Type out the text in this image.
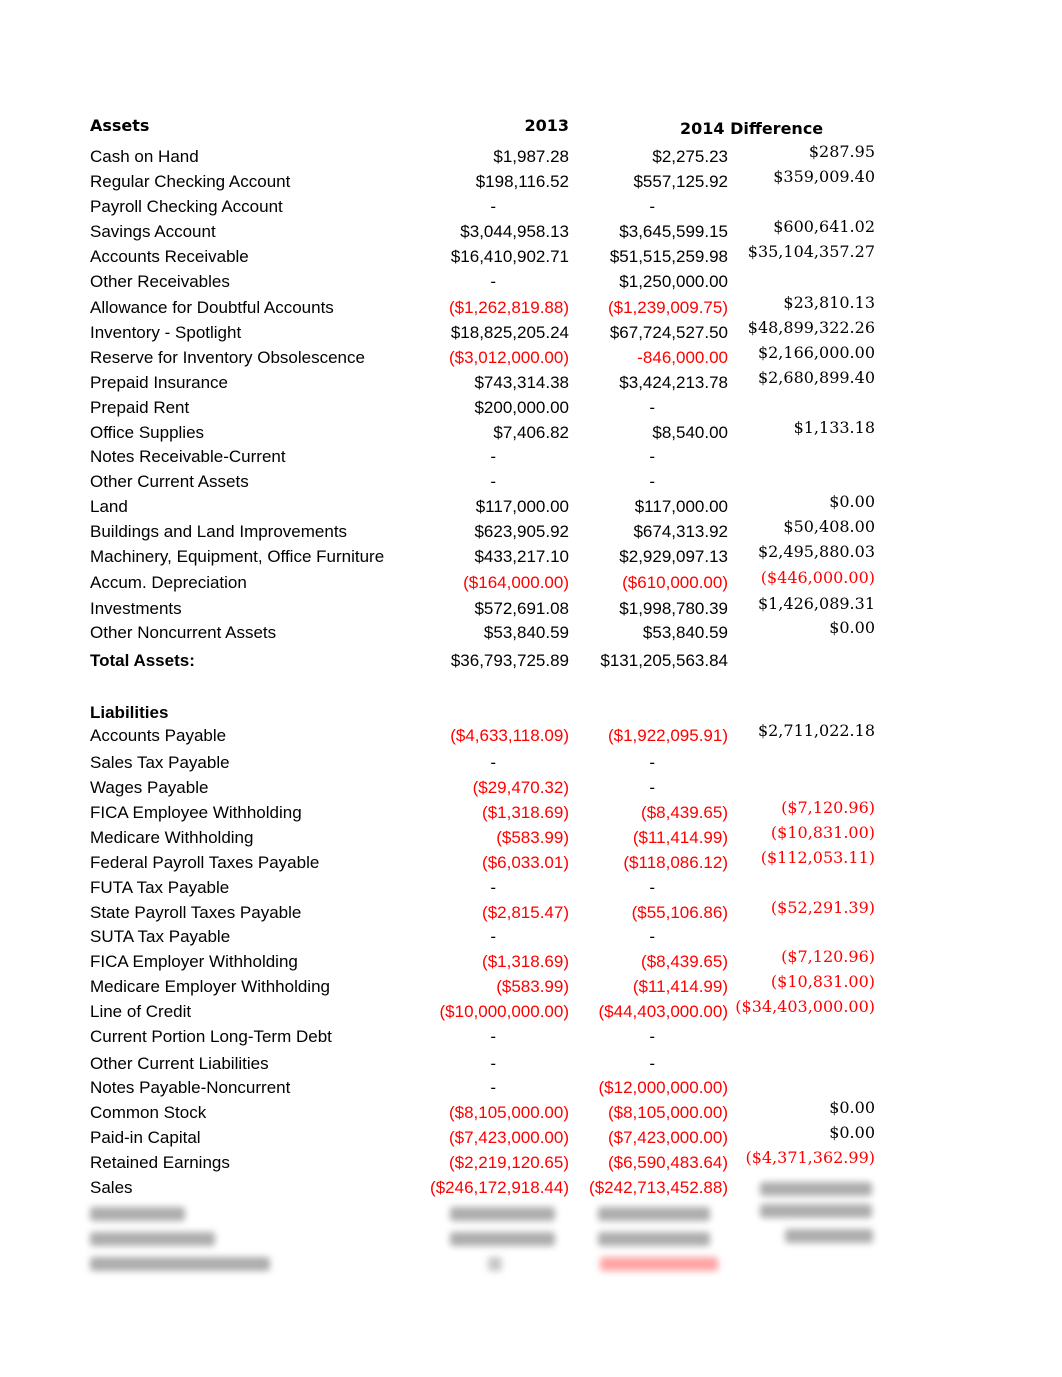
Assets	2013	2014 Difference
Cash on Hand	$1,987.28	$2,275.23	$287.95
Regular Checking Account	$198,116.52	$557,125.92	$359,009.40
Payroll Checking Account	-	-
Savings Account	$3,044,958.13	$3,645,599.15	$600,641.02
Accounts Receivable	$16,410,902.71	$51,515,259.98	$35,104,357.27
Other Receivables	-	$1,250,000.00
Allowance for Doubtful Accounts	($1,262,819.88)	($1,239,009.75)	$23,810.13
Inventory - Spotlight	$18,825,205.24	$67,724,527.50	$48,899,322.26
Reserve for Inventory Obsolescence	($3,012,000.00)	-846,000.00	$2,166,000.00
Prepaid Insurance	$743,314.38	$3,424,213.78	$2,680,899.40
Prepaid Rent	$200,000.00	-
Office Supplies	$7,406.82	$8,540.00	$1,133.18
Notes Receivable-Current	-	-
Other Current Assets	-	-
Land	$117,000.00	$117,000.00	$0.00
Buildings and Land Improvements	$623,905.92	$674,313.92	$50,408.00
Machinery, Equipment, Office Furniture	$433,217.10	$2,929,097.13	$2,495,880.03
Accum. Depreciation	($164,000.00)	($610,000.00)	($446,000.00)
Investments	$572,691.08	$1,998,780.39	$1,426,089.31
Other Noncurrent Assets	$53,840.59	$53,840.59	$0.00
Total Assets:	$36,793,725.89	$131,205,563.84
Liabilities
Accounts Payable	($4,633,118.09)	($1,922,095.91)	$2,711,022.18
Sales Tax Payable	-	-
Wages Payable	($29,470.32)	-
FICA Employee Withholding	($1,318.69)	($8,439.65)	($7,120.96)
Medicare Withholding	($583.99)	($11,414.99)	($10,831.00)
Federal Payroll Taxes Payable	($6,033.01)	($118,086.12)	($112,053.11)
FUTA Tax Payable	-	-
State Payroll Taxes Payable	($2,815.47)	($55,106.86)	($52,291.39)
SUTA Tax Payable	-	-
FICA Employer Withholding	($1,318.69)	($8,439.65)	($7,120.96)
Medicare Employer Withholding	($583.99)	($11,414.99)	($10,831.00)
Line of Credit	($10,000,000.00)	($44,403,000.00) ($34,403,000.00)
Current Portion Long-Term Debt	-	-
Other Current Liabilities	-	-
Notes Payable-Noncurrent	-	($12,000,000.00)
Common Stock	($8,105,000.00)	($8,105,000.00)	$0.00
Paid-in Capital	($7,423,000.00)	($7,423,000.00)	$0.00
Retained Earnings	($2,219,120.65)	($6,590,483.64)	($4,371,362.99)
Sales	($246,172,918.44)	($242,713,452.88)
